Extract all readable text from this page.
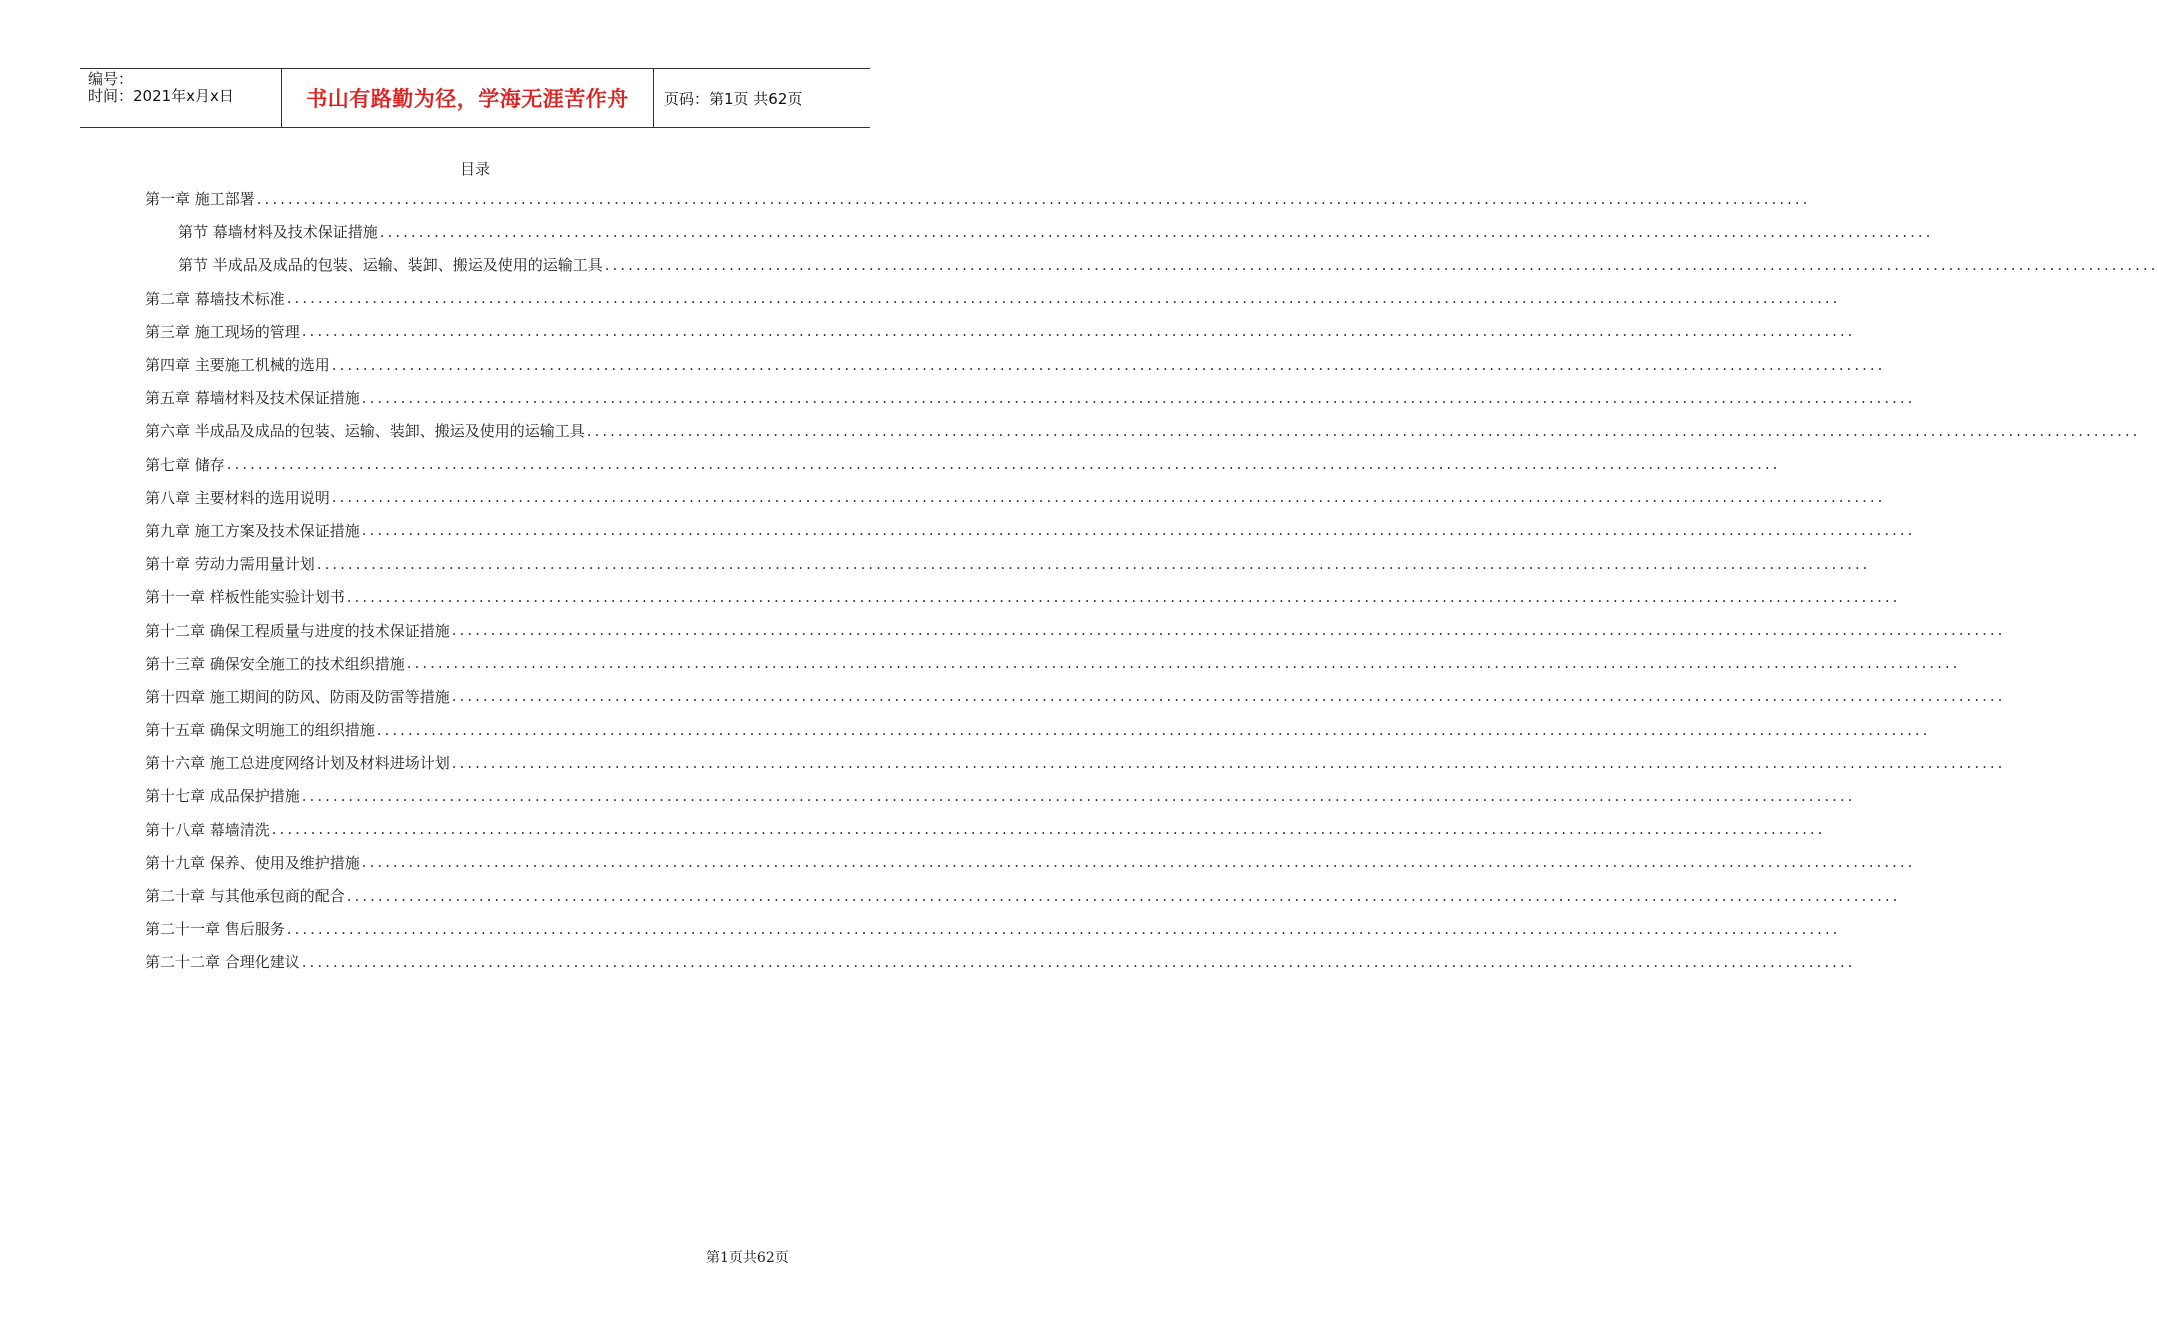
编号：
时间：2021年x月x日	书山有路勤为径，学海无涯苦作舟	页码：第1页 共62页
目录
第一章 施工部署 ........................................................................................................................................................................................................
第节 幕墙材料及技术保证措施 ........................................................................................................................................................................................................
第节 半成品及成品的包装、运输、装卸、搬运及使用的运输工具 ........................................................................................................................................................................................................
第二章 幕墙技术标准 ........................................................................................................................................................................................................
第三章 施工现场的管理 ........................................................................................................................................................................................................
第四章 主要施工机械的选用 ........................................................................................................................................................................................................
第五章 幕墙材料及技术保证措施 ........................................................................................................................................................................................................
第六章 半成品及成品的包装、运输、装卸、搬运及使用的运输工具 ........................................................................................................................................................................................................
第七章 储存 ........................................................................................................................................................................................................
第八章 主要材料的选用说明 ........................................................................................................................................................................................................
第九章 施工方案及技术保证措施 ........................................................................................................................................................................................................
第十章 劳动力需用量计划 ........................................................................................................................................................................................................
第十一章 样板性能实验计划书 ........................................................................................................................................................................................................
第十二章 确保工程质量与进度的技术保证措施 ........................................................................................................................................................................................................
第十三章 确保安全施工的技术组织措施 ........................................................................................................................................................................................................
第十四章 施工期间的防风、防雨及防雷等措施 ........................................................................................................................................................................................................
第十五章 确保文明施工的组织措施 ........................................................................................................................................................................................................
第十六章 施工总进度网络计划及材料进场计划 ........................................................................................................................................................................................................
第十七章 成品保护措施 ........................................................................................................................................................................................................
第十八章 幕墙清洗 ........................................................................................................................................................................................................
第十九章 保养、使用及维护措施 ........................................................................................................................................................................................................
第二十章 与其他承包商的配合 ........................................................................................................................................................................................................
第二十一章 售后服务 ........................................................................................................................................................................................................
第二十二章 合理化建议 ........................................................................................................................................................................................................
第1页共62页
